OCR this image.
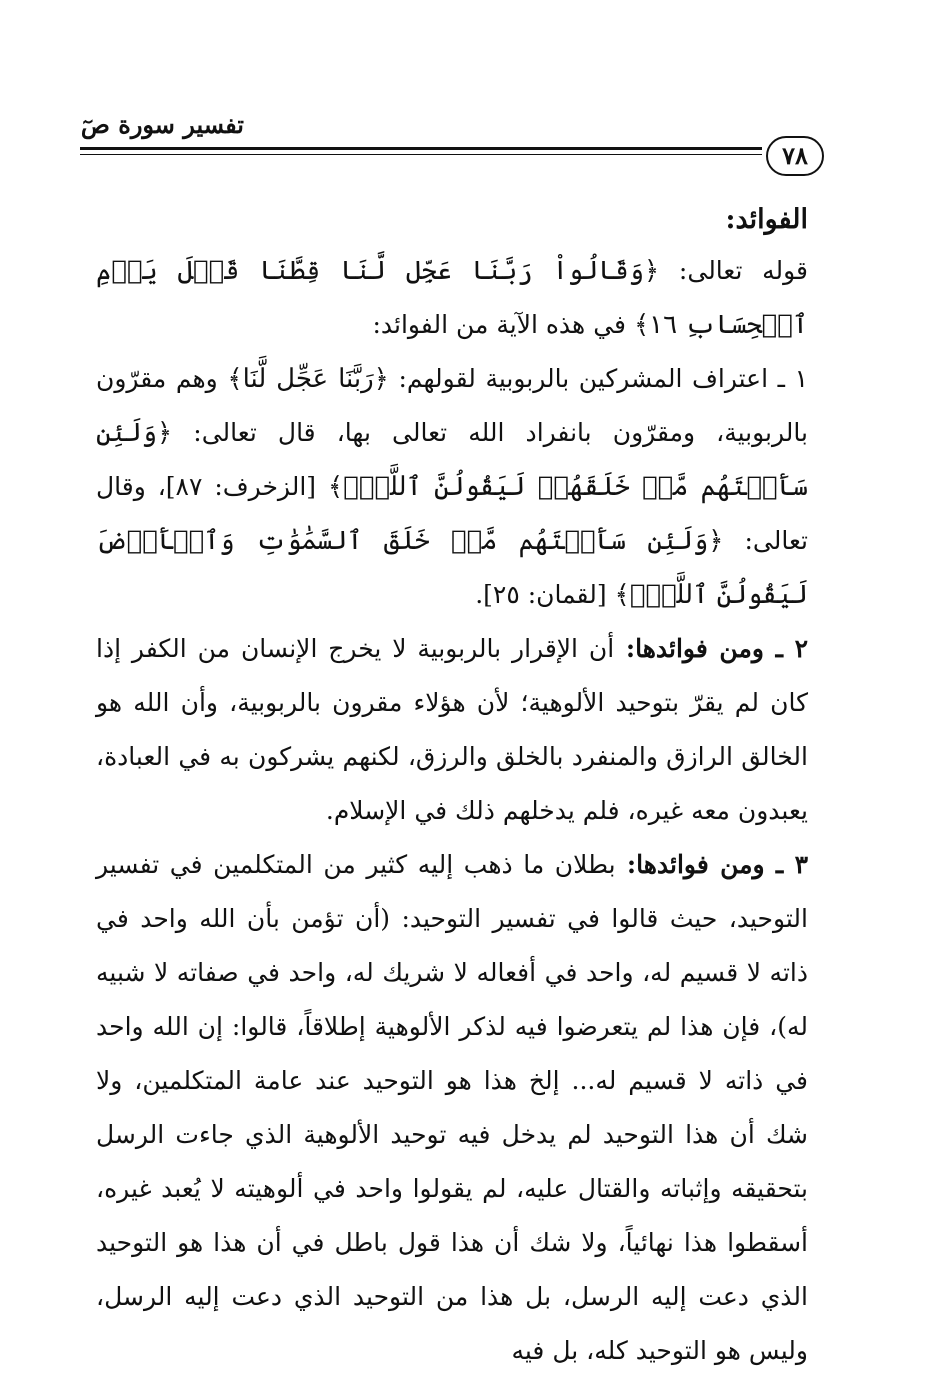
تفسير سورة صٓ
٧٨
الفوائد:

قوله تعالى: ﴿وَقَالُواْ رَبَّنَا عَجِّل لَّنَا قِطَّنَا قَبۡلَ يَوۡمِ ٱلۡحِسَابِ ١٦﴾ في هذه الآية من الفوائد:

١ ـ اعتراف المشركين بالربوبية لقولهم: ﴿رَبَّنَا عَجِّل لَّنَا﴾ وهم مقرّون بالربوبية، ومقرّون بانفراد الله تعالى بها، قال تعالى: ﴿وَلَئِن سَأَلۡتَهُم مَّنۡ خَلَقَهُمۡ لَيَقُولُنَّ ٱللَّهُۖ﴾ [الزخرف: ٨٧]، وقال تعالى: ﴿وَلَئِن سَأَلۡتَهُم مَّنۡ خَلَقَ ٱلسَّمَٰوَٰتِ وَٱلۡأَرۡضَ لَيَقُولُنَّ ٱللَّهُۚ﴾ [لقمان: ٢٥].

٢ ـ ومن فوائدها: أن الإقرار بالربوبية لا يخرج الإنسان من الكفر إذا كان لم يقرّ بتوحيد الألوهية؛ لأن هؤلاء مقرون بالربوبية، وأن الله هو الخالق الرازق والمنفرد بالخلق والرزق، لكنهم يشركون به في العبادة، يعبدون معه غيره، فلم يدخلهم ذلك في الإسلام.

٣ ـ ومن فوائدها: بطلان ما ذهب إليه كثير من المتكلمين في تفسير التوحيد، حيث قالوا في تفسير التوحيد: (أن تؤمن بأن الله واحد في ذاته لا قسيم له، واحد في أفعاله لا شريك له، واحد في صفاته لا شبيه له)، فإن هذا لم يتعرضوا فيه لذكر الألوهية إطلاقاً، قالوا: إن الله واحد في ذاته لا قسيم له... إلخ هذا هو التوحيد عند عامة المتكلمين، ولا شك أن هذا التوحيد لم يدخل فيه توحيد الألوهية الذي جاءت الرسل بتحقيقه وإثباته والقتال عليه، لم يقولوا واحد في ألوهيته لا يُعبد غيره، أسقطوا هذا نهائياً، ولا شك أن هذا قول باطل في أن هذا هو التوحيد الذي دعت إليه الرسل، بل هذا من التوحيد الذي دعت إليه الرسل، وليس هو التوحيد كله، بل فيه
